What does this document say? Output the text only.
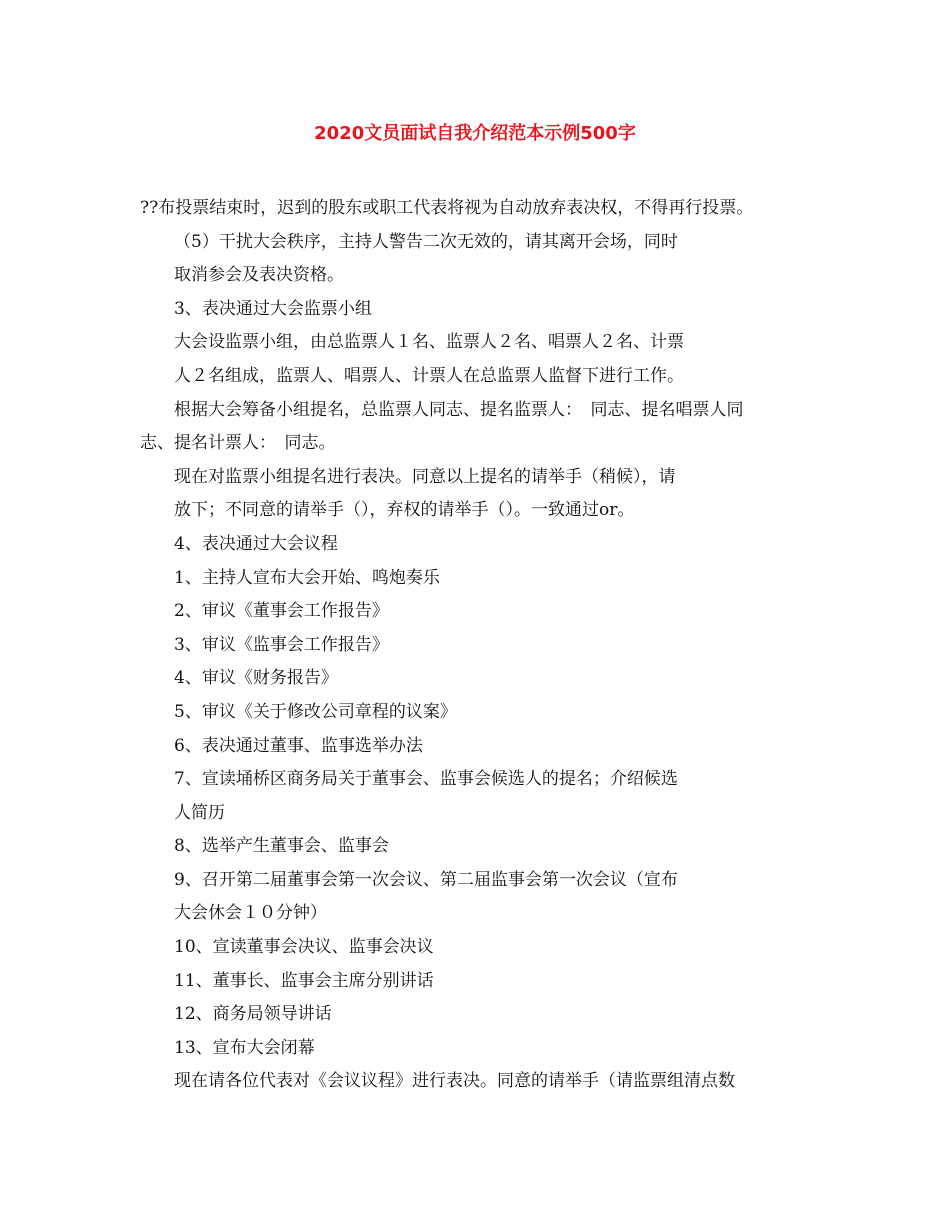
2020文员面试自我介绍范本示例500字
??布投票结束时，迟到的股东或职工代表将视为自动放弃表决权，不得再行投票。
（5）干扰大会秩序，主持人警告二次无效的，请其离开会场，同时
取消参会及表决资格。
3、表决通过大会监票小组
大会设监票小组，由总监票人１名、监票人２名、唱票人２名、计票
人２名组成，监票人、唱票人、计票人在总监票人监督下进行工作。
根据大会筹备小组提名，总监票人同志、提名监票人：　同志、提名唱票人同
志、提名计票人：　同志。
现在对监票小组提名进行表决。同意以上提名的请举手（稍候），请
放下；不同意的请举手（），弃权的请举手（）。一致通过or。
4、表决通过大会议程
1、主持人宣布大会开始、鸣炮奏乐
2、审议《董事会工作报告》
3、审议《监事会工作报告》
4、审议《财务报告》
5、审议《关于修改公司章程的议案》
6、表决通过董事、监事选举办法
7、宣读埇桥区商务局关于董事会、监事会候选人的提名；介绍候选
人简历
8、选举产生董事会、监事会
9、召开第二届董事会第一次会议、第二届监事会第一次会议（宣布
大会休会１０分钟）
10、宣读董事会决议、监事会决议
11、董事长、监事会主席分别讲话
12、商务局领导讲话
13、宣布大会闭幕
现在请各位代表对《会议议程》进行表决。同意的请举手（请监票组清点数
